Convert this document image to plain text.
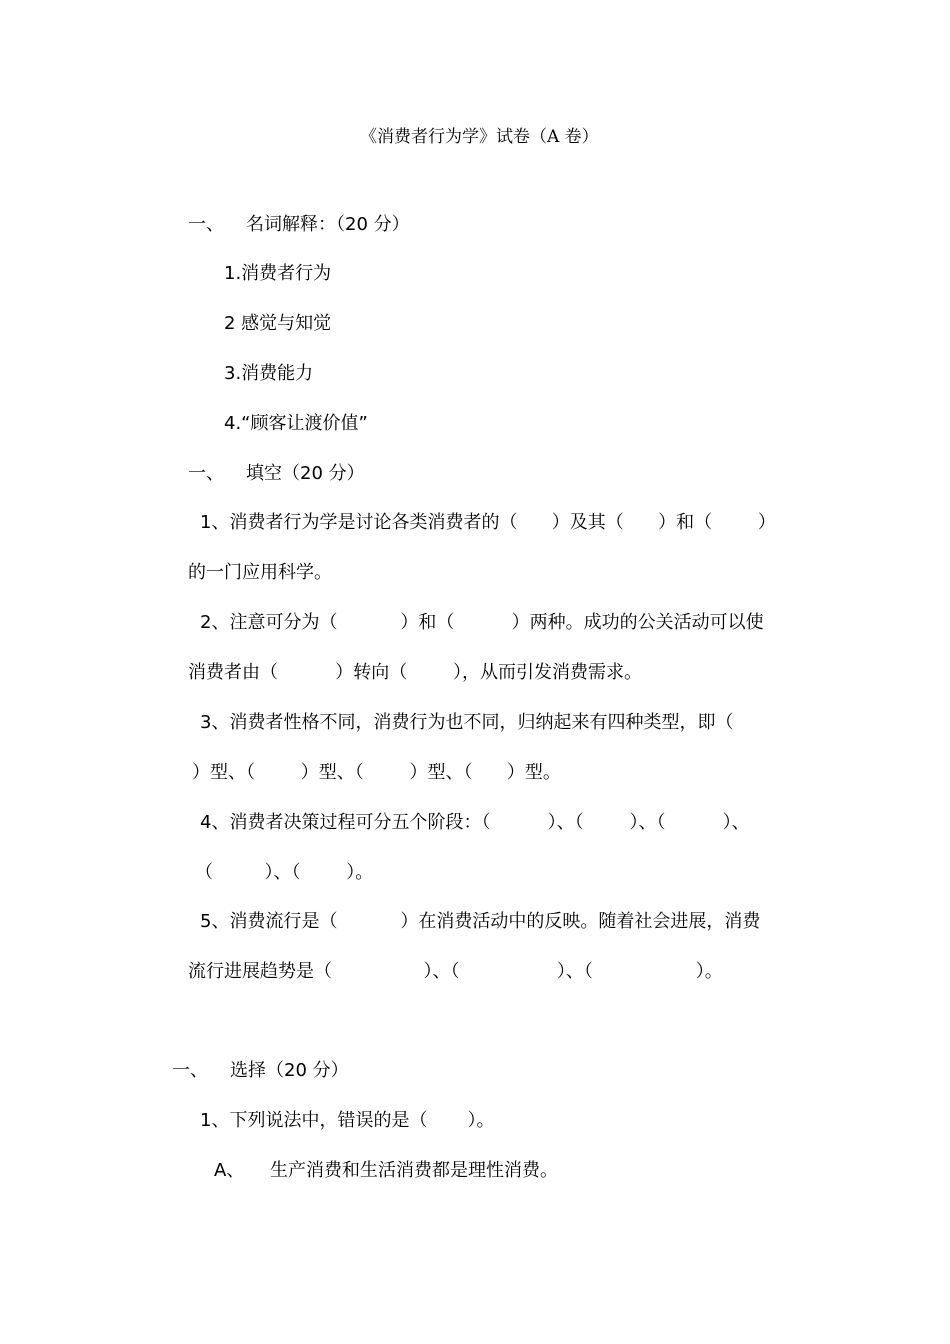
《消费者行为学》试卷（A 卷）
一、 名词解释：（20 分）
1.消费者行为
2 感觉与知觉
3.消费能力
4.“顾客让渡价值”
一、 填空（20 分）
1、消费者行为学是讨论各类消费者的（      ）及其（      ）和（        ）
的一门应用科学。
2、注意可分为（           ）和（          ）两种。成功的公关活动可以使
消费者由（          ）转向（        ），从而引发消费需求。
3、消费者性格不同，消费行为也不同，归纳起来有四种类型，即（
）型、（        ）型、（        ）型、（      ）型。
4、消费者决策过程可分五个阶段：（          ）、（        ）、（          ）、
（         ）、（        ）。
5、消费流行是（           ）在消费活动中的反映。随着社会进展，消费
流行进展趋势是（                ）、（                 ）、（                  ）。
一、 选择（20 分）
1、下列说法中，错误的是（       ）。
A、 生产消费和生活消费都是理性消费。
